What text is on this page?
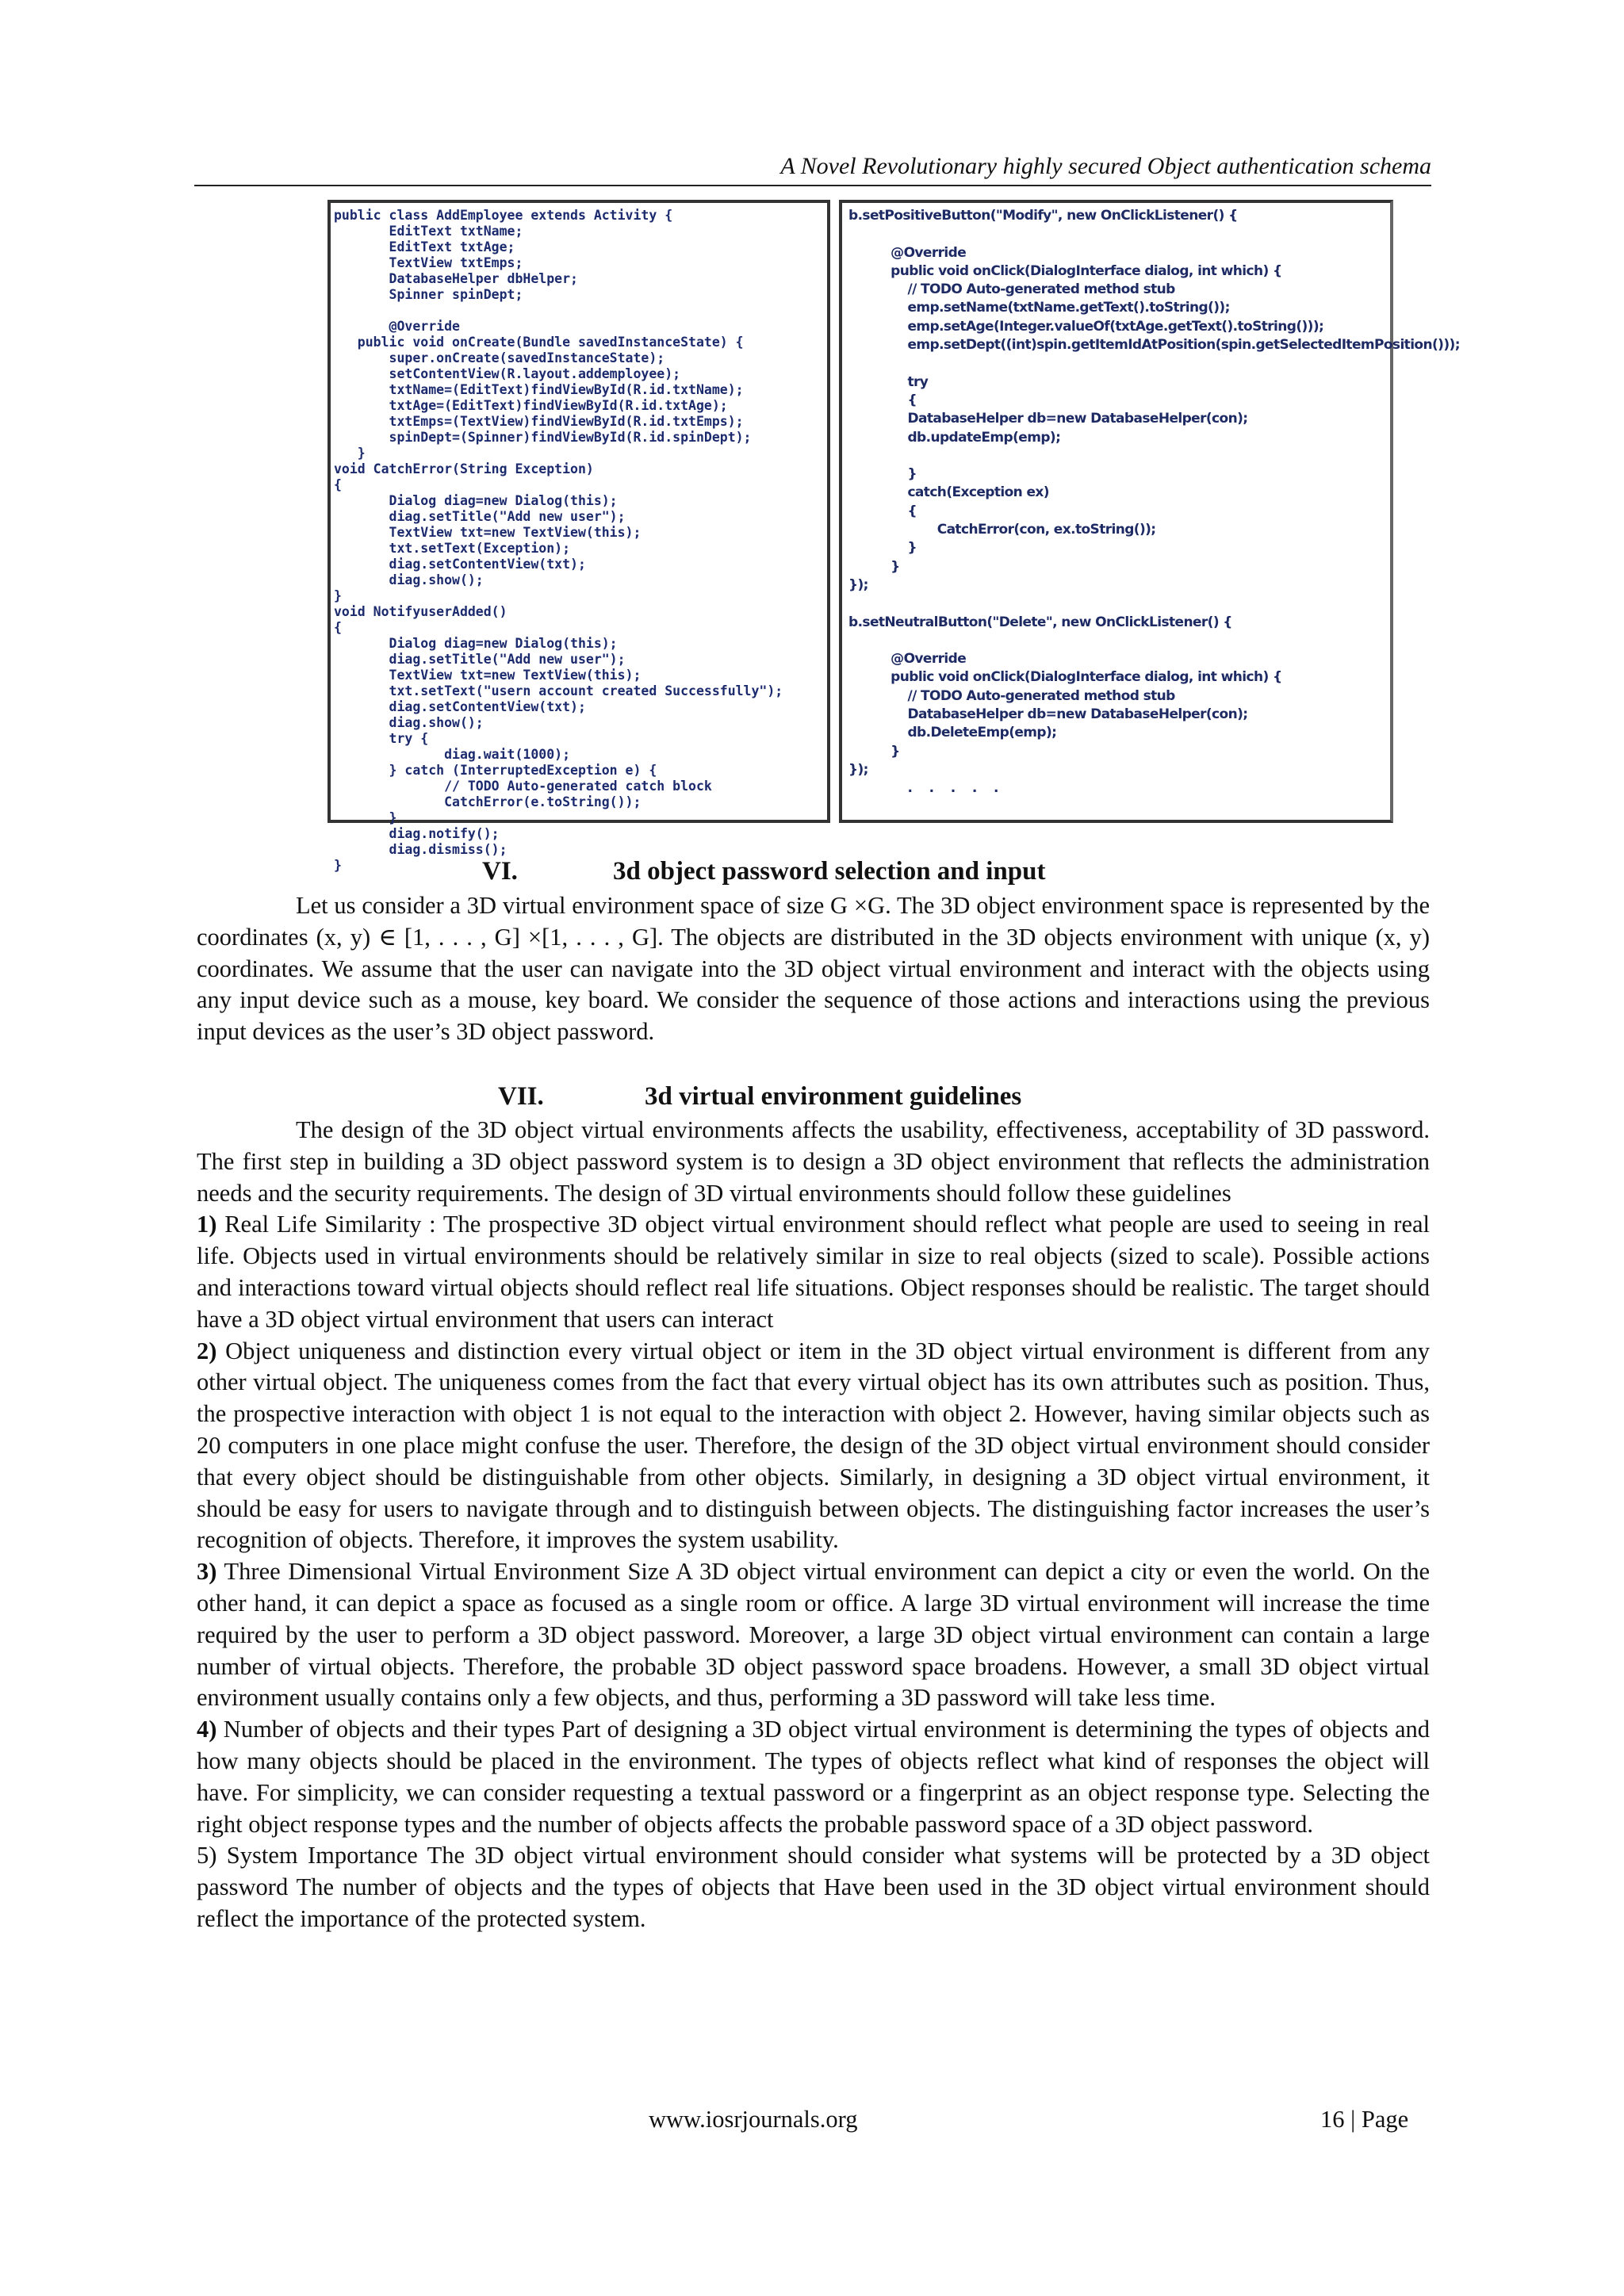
A Novel Revolutionary highly secured Object authentication schema
public class AddEmployee extends Activity {
EditText txtName;
EditText txtAge;
TextView txtEmps;
DatabaseHelper dbHelper;
Spinner spinDept;

@Override
public void onCreate(Bundle savedInstanceState) {
super.onCreate(savedInstanceState);
setContentView(R.layout.addemployee);
txtName=(EditText)findViewById(R.id.txtName);
txtAge=(EditText)findViewById(R.id.txtAge);
txtEmps=(TextView)findViewById(R.id.txtEmps);
spinDept=(Spinner)findViewById(R.id.spinDept);
}
void CatchError(String Exception)
{
Dialog diag=new Dialog(this);
diag.setTitle("Add new user");
TextView txt=new TextView(this);
txt.setText(Exception);
diag.setContentView(txt);
diag.show();
}
void NotifyuserAdded()
{
Dialog diag=new Dialog(this);
diag.setTitle("Add new user");
TextView txt=new TextView(this);
txt.setText("usern account created Successfully");
diag.setContentView(txt);
diag.show();
try {
diag.wait(1000);
} catch (InterruptedException e) {
// TODO Auto-generated catch block
CatchError(e.toString());
}
diag.notify();
diag.dismiss();
}
b.setPositiveButton("Modify", new OnClickListener() {

@Override
public void onClick(DialogInterface dialog, int which) {
// TODO Auto-generated method stub
emp.setName(txtName.getText().toString());
emp.setAge(Integer.valueOf(txtAge.getText().toString()));
emp.setDept((int)spin.getItemIdAtPosition(spin.getSelectedItemPosition()));

try
{
DatabaseHelper db=new DatabaseHelper(con);
db.updateEmp(emp);

}
catch(Exception ex)
{
CatchError(con, ex.toString());
}
}
});

b.setNeutralButton("Delete", new OnClickListener() {

@Override
public void onClick(DialogInterface dialog, int which) {
// TODO Auto-generated method stub
DatabaseHelper db=new DatabaseHelper(con);
db.DeleteEmp(emp);
}
});
.    .    .    .    .
VI.	3d object password selection and input

Let us consider a 3D virtual environment space of size G ×G. The 3D object environment space is represented by the coordinates (x, y) ∈ [1, . . . , G] ×[1, . . . , G]. The objects are distributed in the 3D objects environment with unique (x, y) coordinates. We assume that the user can navigate into the 3D object virtual environment and interact with the objects using any input device such as a mouse, key board. We consider the sequence of those actions and interactions using the previous input devices as the user’s 3D object password.

VII.	3d virtual environment guidelines

The design of the 3D object virtual environments affects the usability, effectiveness, acceptability of 3D password. The first step in building a 3D object password system is to design a 3D object environment that reflects the administration needs and the security requirements. The design of 3D virtual environments should follow these guidelines

1) Real Life Similarity : The prospective 3D object virtual environment should reflect what people are used to seeing in real life. Objects used in virtual environments should be relatively similar in size to real objects (sized to scale). Possible actions and interactions toward virtual objects should reflect real life situations. Object responses should be realistic. The target should have a 3D object virtual environment that users can interact

2) Object uniqueness and distinction every virtual object or item in the 3D object virtual environment is different from any other virtual object. The uniqueness comes from the fact that every virtual object has its own attributes such as position. Thus, the prospective interaction with object 1 is not equal to the interaction with object 2. However, having similar objects such as 20 computers in one place might confuse the user. Therefore, the design of the 3D object virtual environment should consider that every object should be distinguishable from other objects. Similarly, in designing a 3D object virtual environment, it should be easy for users to navigate through and to distinguish between objects. The distinguishing factor increases the user’s recognition of objects. Therefore, it improves the system usability.

3) Three Dimensional Virtual Environment Size A 3D object virtual environment can depict a city or even the world. On the other hand, it can depict a space as focused as a single room or office. A large 3D virtual environment will increase the time required by the user to perform a 3D object password. Moreover, a large 3D object virtual environment can contain a large number of virtual objects. Therefore, the probable 3D object password space broadens. However, a small 3D object virtual environment usually contains only a few objects, and thus, performing a 3D password will take less time.

4) Number of objects and their types Part of designing a 3D object virtual environment is determining the types of objects and how many objects should be placed in the environment. The types of objects reflect what kind of responses the object will have. For simplicity, we can consider requesting a textual password or a fingerprint as an object response type. Selecting the right object response types and the number of objects affects the probable password space of a 3D object password.

5) System Importance The 3D object virtual environment should consider what systems will be protected by a 3D object password The number of objects and the types of objects that Have been used in the 3D object virtual environment should reflect the importance of the protected system.

www.iosrjournals.org	16 | Page
